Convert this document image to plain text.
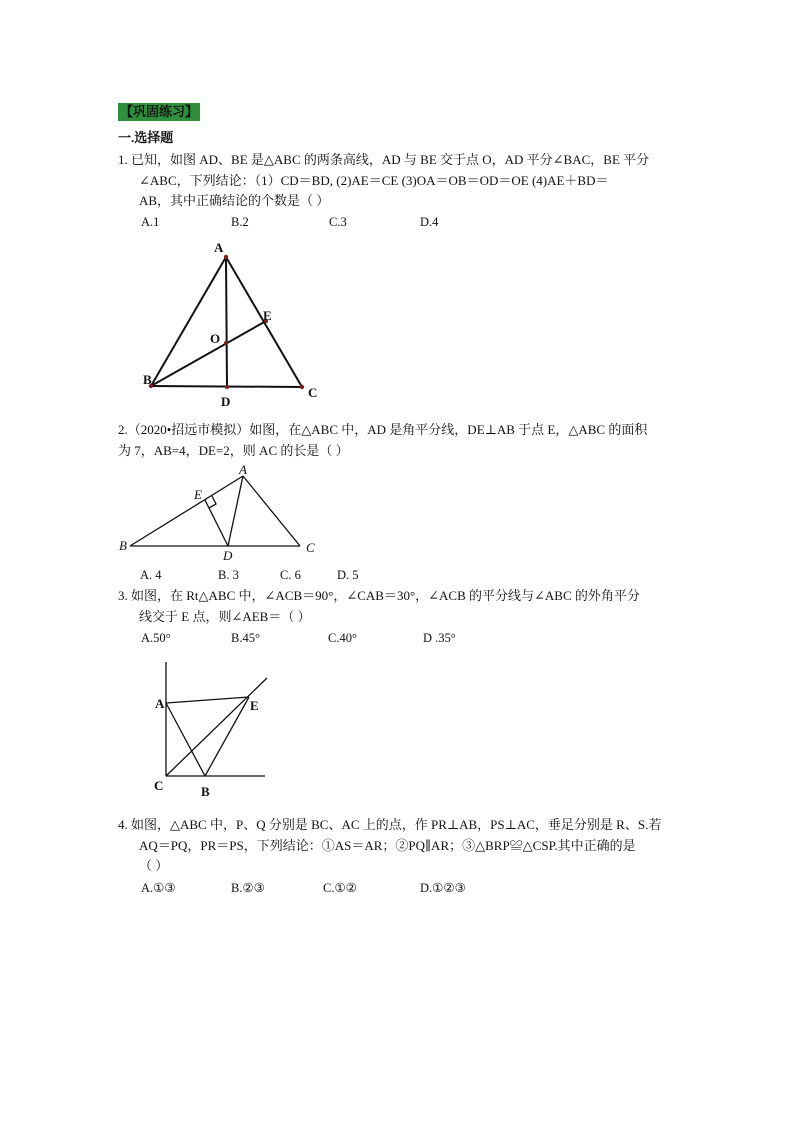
【巩固练习】
一.选择题
1. 已知，如图 AD、BE 是△ABC 的两条高线，AD 与 BE 交于点 O，AD 平分∠BAC，BE 平分
∠ABC，下列结论：（1）CD＝BD, (2)AE＝CE (3)OA＝OB＝OD＝OE (4)AE＋BD＝
AB，其中正确结论的个数是（ ）
A.1	B.2	C.3	D.4
A
B
C
D
E
O
2.（2020•招远市模拟）如图，在△ABC 中，AD 是角平分线，DE⊥AB 于点 E，△ABC 的面积
为 7，AB=4，DE=2，则 AC 的长是（ ）
A
B	C
D
E
A. 4	B. 3	C. 6	D. 5
3. 如图，在 Rt△ABC 中，∠ACB＝90°，∠CAB＝30°，∠ACB 的平分线与∠ABC 的外角平分
线交于 E 点，则∠AEB＝（ ）
A.50°	B.45°	C.40°	D .35°
A
C	B
E
4. 如图，△ABC 中，P、Q 分别是 BC、AC 上的点，作 PR⊥AB，PS⊥AC，垂足分别是 R、S.若
AQ＝PQ，PR＝PS，下列结论：①AS＝AR；②PQ∥AR；③△BRP≌△CSP.其中正确的是
（ ）
A.①③	B.②③	C.①②	D.①②③
